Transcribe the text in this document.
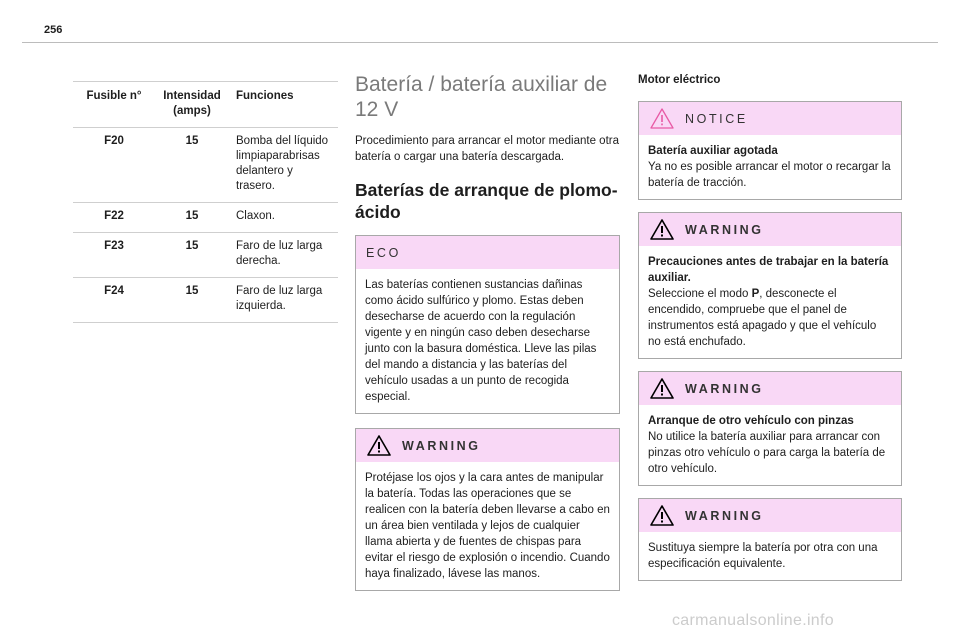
256
Fusible n°	Intensidad (amps)	Funciones
F20	15	Bomba del líquido limpiaparabrisas delantero y trasero.
F22	15	Claxon.
F23	15	Faro de luz larga derecha.
F24	15	Faro de luz larga izquierda.
Batería / batería auxiliar de 12 V

Procedimiento para arrancar el motor mediante otra batería o cargar una batería descargada.

Baterías de arranque de plomo-ácido
ECO
Las baterías contienen sustancias dañinas como ácido sulfúrico y plomo. Estas deben desecharse de acuerdo con la regulación vigente y en ningún caso deben desecharse junto con la basura doméstica. Lleve las pilas del mando a distancia y las baterías del vehículo usadas a un punto de recogida especial.
WARNING
Protéjase los ojos y la cara antes de manipular la batería. Todas las operaciones que se realicen con la batería deben llevarse a cabo en un área bien ventilada y lejos de cualquier llama abierta y de fuentes de chispas para evitar el riesgo de explosión o incendio. Cuando haya finalizado, lávese las manos.
Motor eléctrico
NOTICE
Batería auxiliar agotada
Ya no es posible arrancar el motor o recargar la batería de tracción.
WARNING
Precauciones antes de trabajar en la batería auxiliar.
Seleccione el modo P, desconecte el encendido, compruebe que el panel de instrumentos está apagado y que el vehículo no está enchufado.
WARNING
Arranque de otro vehículo con pinzas
No utilice la batería auxiliar para arrancar con pinzas otro vehículo o para carga la batería de otro vehículo.
WARNING
Sustituya siempre la batería por otra con una especificación equivalente.
carmanualsonline.info
